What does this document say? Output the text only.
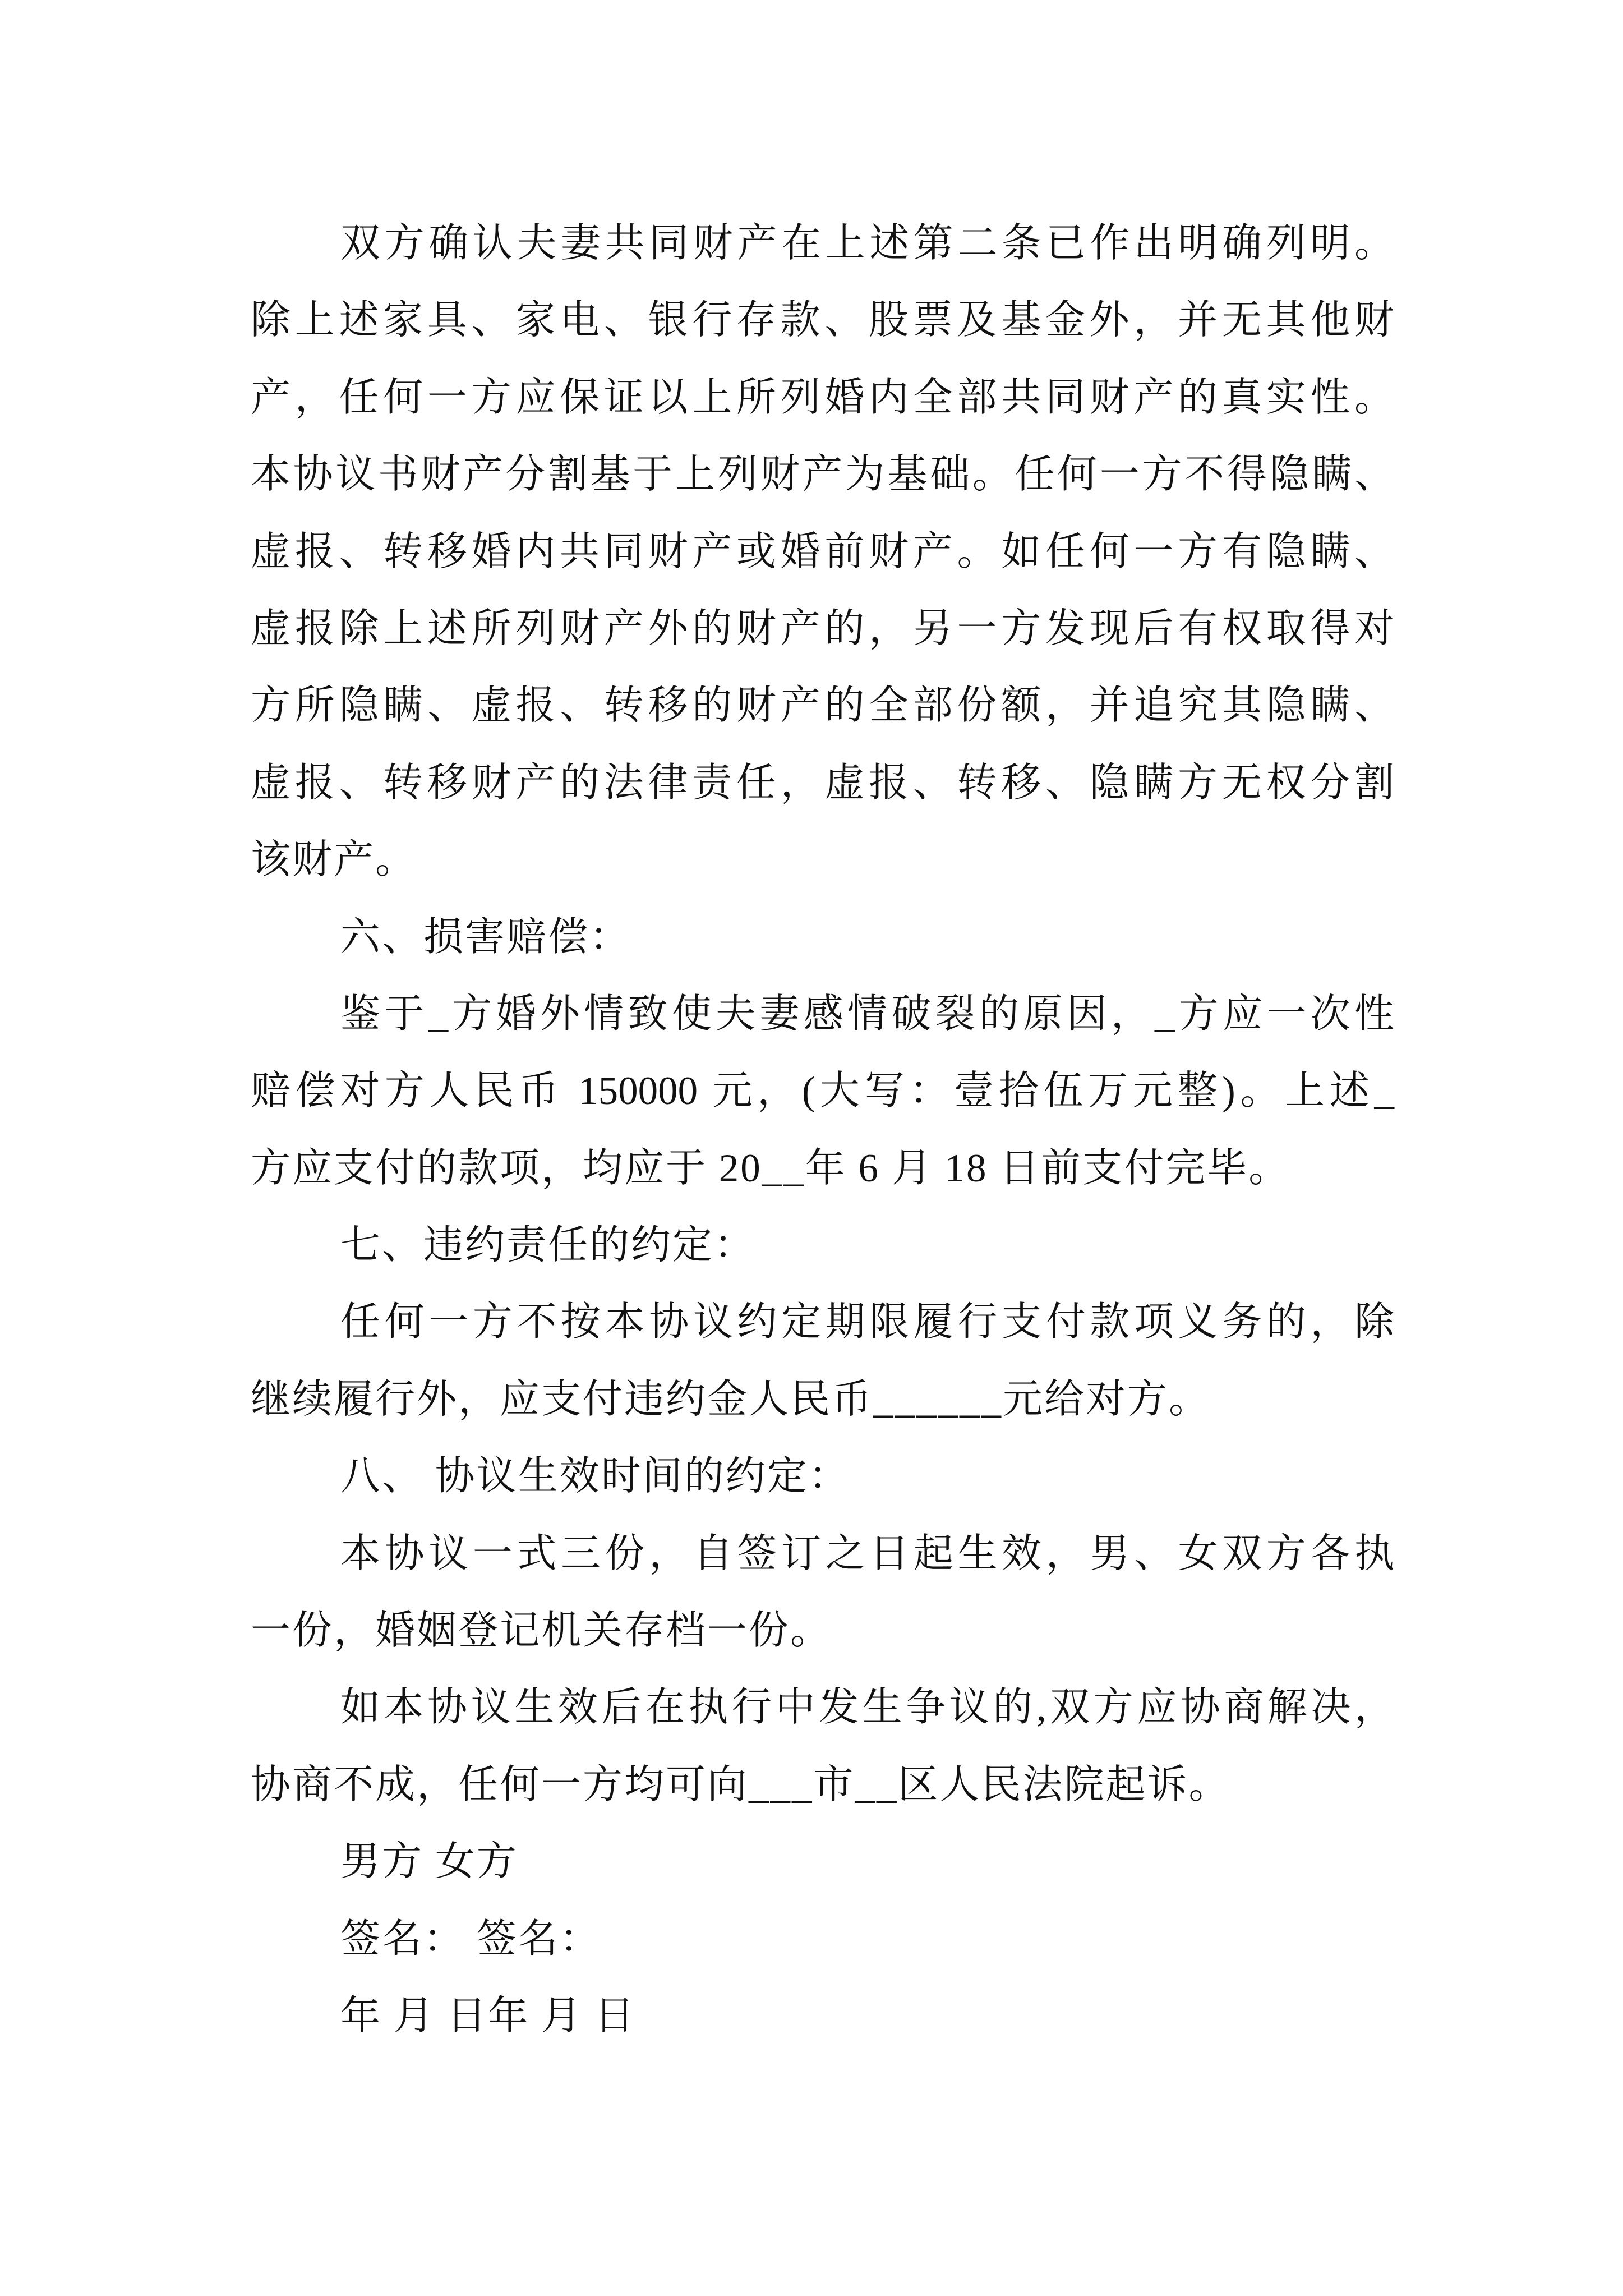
双方确认夫妻共同财产在上述第二条已作出明确列明。
除上述家具、家电、银行存款、股票及基金外，并无其他财
产，任何一方应保证以上所列婚内全部共同财产的真实性。
本协议书财产分割基于上列财产为基础。任何一方不得隐瞒、
虚报、转移婚内共同财产或婚前财产。如任何一方有隐瞒、
虚报除上述所列财产外的财产的，另一方发现后有权取得对
方所隐瞒、虚报、转移的财产的全部份额，并追究其隐瞒、
虚报、转移财产的法律责任，虚报、转移、隐瞒方无权分割
该财产。
六、损害赔偿：
鉴于_方婚外情致使夫妻感情破裂的原因，_方应一次性
赔偿对方人民币 150000 元，(大写：壹拾伍万元整)。上述_
方应支付的款项，均应于 20__年 6 月 18 日前支付完毕。
七、违约责任的约定：
任何一方不按本协议约定期限履行支付款项义务的，除
继续履行外，应支付违约金人民币______元给对方。
八、 协议生效时间的约定：
本协议一式三份，自签订之日起生效，男、女双方各执
一份，婚姻登记机关存档一份。
如本协议生效后在执行中发生争议的,双方应协商解决，
协商不成，任何一方均可向___市__区人民法院起诉。
男方 女方
签名： 签名：
年 月 日年 月 日
